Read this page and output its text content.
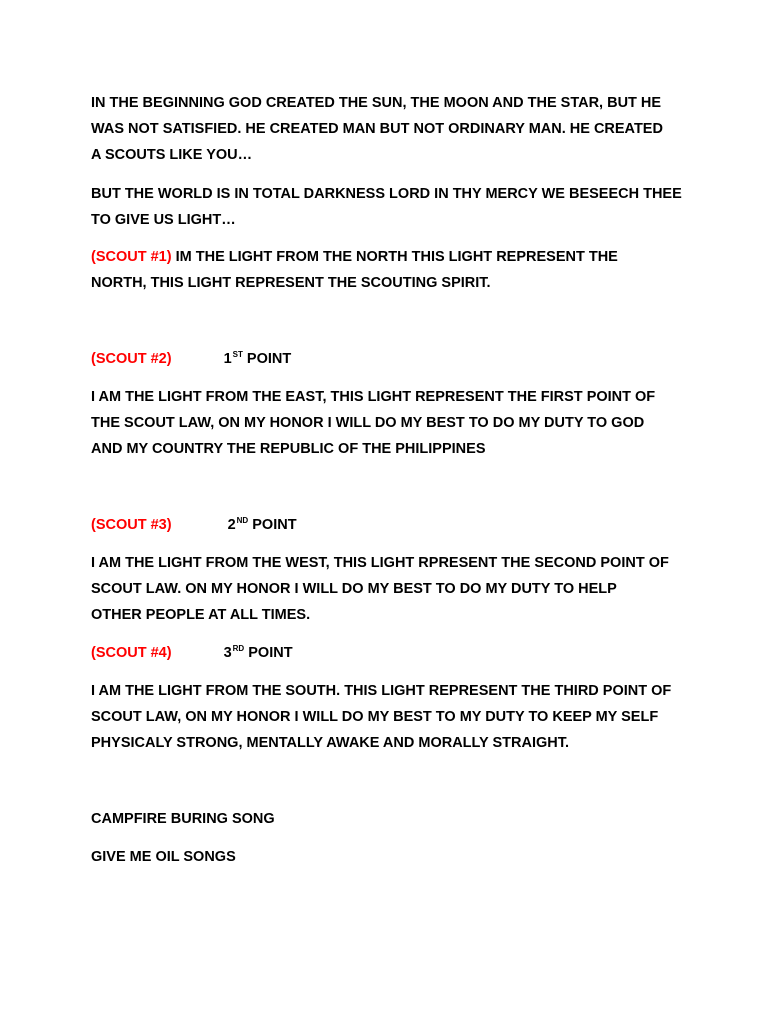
IN THE BEGINNING GOD CREATED THE SUN, THE MOON AND THE STAR, BUT HE
WAS NOT SATISFIED. HE CREATED MAN BUT NOT ORDINARY MAN. HE CREATED
A SCOUTS LIKE YOU…
BUT THE WORLD IS IN TOTAL DARKNESS LORD IN THY MERCY WE BESEECH THEE
TO GIVE US LIGHT…
(SCOUT #1) IM THE LIGHT FROM THE NORTH THIS LIGHT REPRESENT THE
NORTH, THIS LIGHT REPRESENT THE SCOUTING SPIRIT.
(SCOUT #2)	1ST POINT
I AM THE LIGHT FROM THE EAST, THIS LIGHT REPRESENT THE FIRST POINT OF
THE SCOUT LAW, ON MY HONOR I WILL DO MY BEST TO DO MY DUTY TO GOD
AND MY COUNTRY THE REPUBLIC OF THE PHILIPPINES
(SCOUT #3)	2ND POINT
I AM THE LIGHT FROM THE WEST, THIS LIGHT RPRESENT THE SECOND POINT OF
SCOUT LAW. ON MY HONOR I WILL DO MY BEST TO DO MY DUTY TO HELP
OTHER PEOPLE AT ALL TIMES.
(SCOUT #4)	3RD POINT
I AM THE LIGHT FROM THE SOUTH. THIS LIGHT REPRESENT THE THIRD POINT OF
SCOUT LAW, ON MY HONOR I WILL DO MY BEST TO MY DUTY TO KEEP MY SELF
PHYSICALY STRONG, MENTALLY AWAKE AND MORALLY STRAIGHT.
CAMPFIRE BURING SONG
GIVE ME OIL SONGS
